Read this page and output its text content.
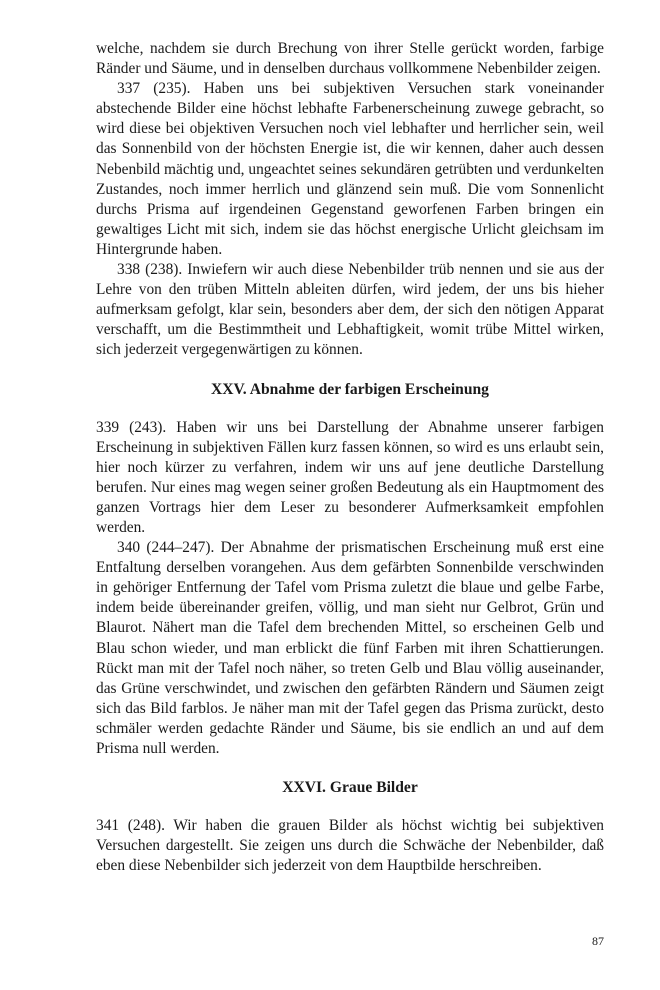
welche, nachdem sie durch Brechung von ihrer Stelle gerückt worden, farbige Ränder und Säume, und in denselben durchaus vollkommene Nebenbilder zeigen.

337 (235). Haben uns bei subjektiven Versuchen stark voneinander abstechende Bilder eine höchst lebhafte Farbenerscheinung zuwege gebracht, so wird diese bei objektiven Versuchen noch viel lebhafter und herrlicher sein, weil das Sonnenbild von der höchsten Energie ist, die wir kennen, daher auch dessen Nebenbild mächtig und, ungeachtet seines sekundären getrübten und verdunkelten Zustandes, noch immer herrlich und glänzend sein muß. Die vom Sonnenlicht durchs Prisma auf irgendeinen Gegenstand geworfenen Farben bringen ein gewaltiges Licht mit sich, indem sie das höchst energische Urlicht gleichsam im Hintergrunde haben.

338 (238). Inwiefern wir auch diese Nebenbilder trüb nennen und sie aus der Lehre von den trüben Mitteln ableiten dürfen, wird jedem, der uns bis hieher aufmerksam gefolgt, klar sein, besonders aber dem, der sich den nötigen Apparat verschafft, um die Bestimmtheit und Lebhaftigkeit, womit trübe Mittel wirken, sich jederzeit vergegenwärtigen zu können.

XXV. Abnahme der farbigen Erscheinung

339 (243). Haben wir uns bei Darstellung der Abnahme unserer farbigen Erscheinung in subjektiven Fällen kurz fassen können, so wird es uns erlaubt sein, hier noch kürzer zu verfahren, indem wir uns auf jene deutliche Darstellung berufen. Nur eines mag wegen seiner großen Bedeutung als ein Hauptmoment des ganzen Vortrags hier dem Leser zu besonderer Aufmerksamkeit empfohlen werden.

340 (244–247). Der Abnahme der prismatischen Erscheinung muß erst eine Entfaltung derselben vorangehen. Aus dem gefärbten Sonnenbilde verschwinden in gehöriger Entfernung der Tafel vom Prisma zuletzt die blaue und gelbe Farbe, indem beide übereinander greifen, völlig, und man sieht nur Gelbrot, Grün und Blaurot. Nähert man die Tafel dem brechenden Mittel, so erscheinen Gelb und Blau schon wieder, und man erblickt die fünf Farben mit ihren Schattierungen. Rückt man mit der Tafel noch näher, so treten Gelb und Blau völlig auseinander, das Grüne verschwindet, und zwischen den gefärbten Rändern und Säumen zeigt sich das Bild farblos. Je näher man mit der Tafel gegen das Prisma zurückt, desto schmäler werden gedachte Ränder und Säume, bis sie endlich an und auf dem Prisma null werden.

XXVI. Graue Bilder

341 (248). Wir haben die grauen Bilder als höchst wichtig bei subjektiven Versuchen dargestellt. Sie zeigen uns durch die Schwäche der Nebenbilder, daß eben diese Nebenbilder sich jederzeit von dem Hauptbilde herschreiben.

87
